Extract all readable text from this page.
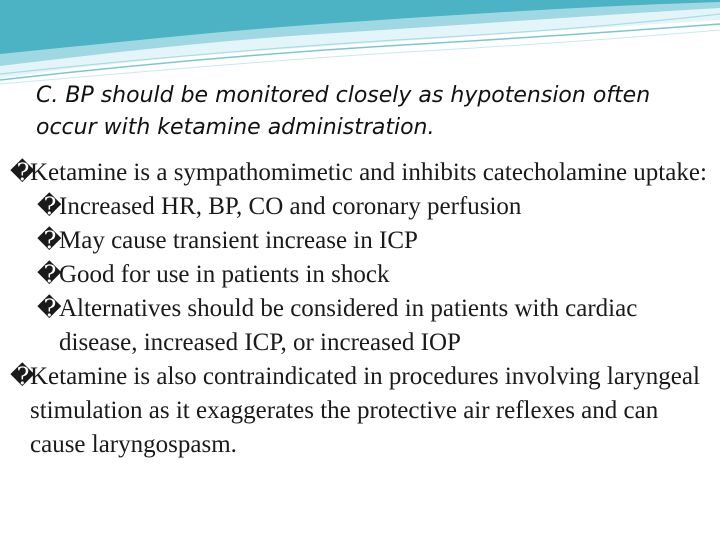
C. BP should be monitored closely as hypotension often occur with ketamine administration.
�
Ketamine is a sympathomimetic and inhibits catecholamine uptake:
�
Increased HR, BP, CO and coronary perfusion
�
May cause transient increase in ICP
�
Good for use in patients in shock
�
Alternatives should be considered in patients with cardiac disease, increased ICP, or increased IOP
�
Ketamine is also contraindicated in procedures involving laryngeal stimulation as it exaggerates the protective air reflexes and can cause laryngospasm.
